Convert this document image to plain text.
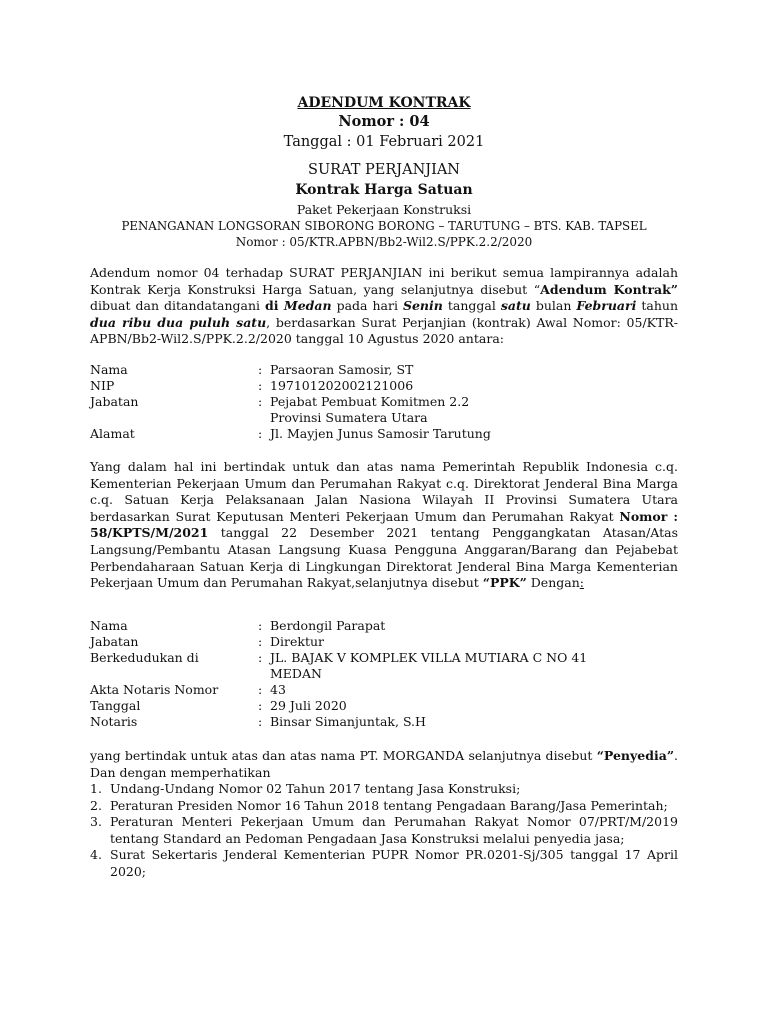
ADENDUM KONTRAK
Nomor : 04
Tanggal : 01 Februari 2021
SURAT PERJANJIAN
Kontrak Harga Satuan
Paket Pekerjaan Konstruksi
PENANGANAN LONGSORAN SIBORONG BORONG – TARUTUNG – BTS. KAB. TAPSEL
Nomor : 05/KTR.APBN/Bb2-Wil2.S/PPK.2.2/2020

Adendum nomor 04 terhadap SURAT PERJANJIAN ini berikut semua lampirannya adalah Kontrak Kerja Konstruksi Harga Satuan, yang selanjutnya disebut “Adendum Kontrak” dibuat dan ditandatangani di Medan pada hari Senin tanggal satu bulan Februari tahun dua ribu dua puluh satu, berdasarkan Surat Perjanjian (kontrak) Awal Nomor: 05/KTR-APBN/Bb2-Wil2.S/PPK.2.2/2020 tanggal 10 Agustus 2020 antara:

Nama	: Parsaoran Samosir, ST
NIP	: 197101202002121006
Jabatan	: Pejabat Pembuat Komitmen 2.2 Provinsi Sumatera Utara
Alamat	: Jl. Mayjen Junus Samosir Tarutung

Yang dalam hal ini bertindak untuk dan atas nama Pemerintah Republik Indonesia c.q. Kementerian Pekerjaan Umum dan Perumahan Rakyat c.q. Direktorat Jenderal Bina Marga c.q. Satuan Kerja Pelaksanaan Jalan Nasiona Wilayah II Provinsi Sumatera Utara berdasarkan Surat Keputusan Menteri Pekerjaan Umum dan Perumahan Rakyat Nomor : 58/KPTS/M/2021 tanggal 22 Desember 2021 tentang Penggangkatan Atasan/Atas Langsung/Pembantu Atasan Langsung Kuasa Pengguna Anggaran/Barang dan Pejabebat Perbendaharaan Satuan Kerja di Lingkungan Direktorat Jenderal Bina Marga Kementerian Pekerjaan Umum dan Perumahan Rakyat,selanjutnya disebut “PPK” Dengan:

Nama	: Berdongil Parapat
Jabatan	: Direktur
Berkedudukan di	: JL. BAJAK V KOMPLEK VILLA MUTIARA C NO 41 MEDAN
Akta Notaris Nomor	: 43
Tanggal	: 29 Juli 2020
Notaris	: Binsar Simanjuntak, S.H

yang bertindak untuk atas dan atas nama PT. MORGANDA selanjutnya disebut “Penyedia”. Dan dengan memperhatikan

1. Undang-Undang Nomor 02 Tahun 2017 tentang Jasa Konstruksi;
2. Peraturan Presiden Nomor 16 Tahun 2018 tentang Pengadaan Barang/Jasa Pemerintah;
3. Peraturan Menteri Pekerjaan Umum dan Perumahan Rakyat Nomor 07/PRT/M/2019 tentang Standard an Pedoman Pengadaan Jasa Konstruksi melalui penyedia jasa;
4. Surat Sekertaris Jenderal Kementerian PUPR Nomor PR.0201-Sj/305 tanggal 17 April 2020;
